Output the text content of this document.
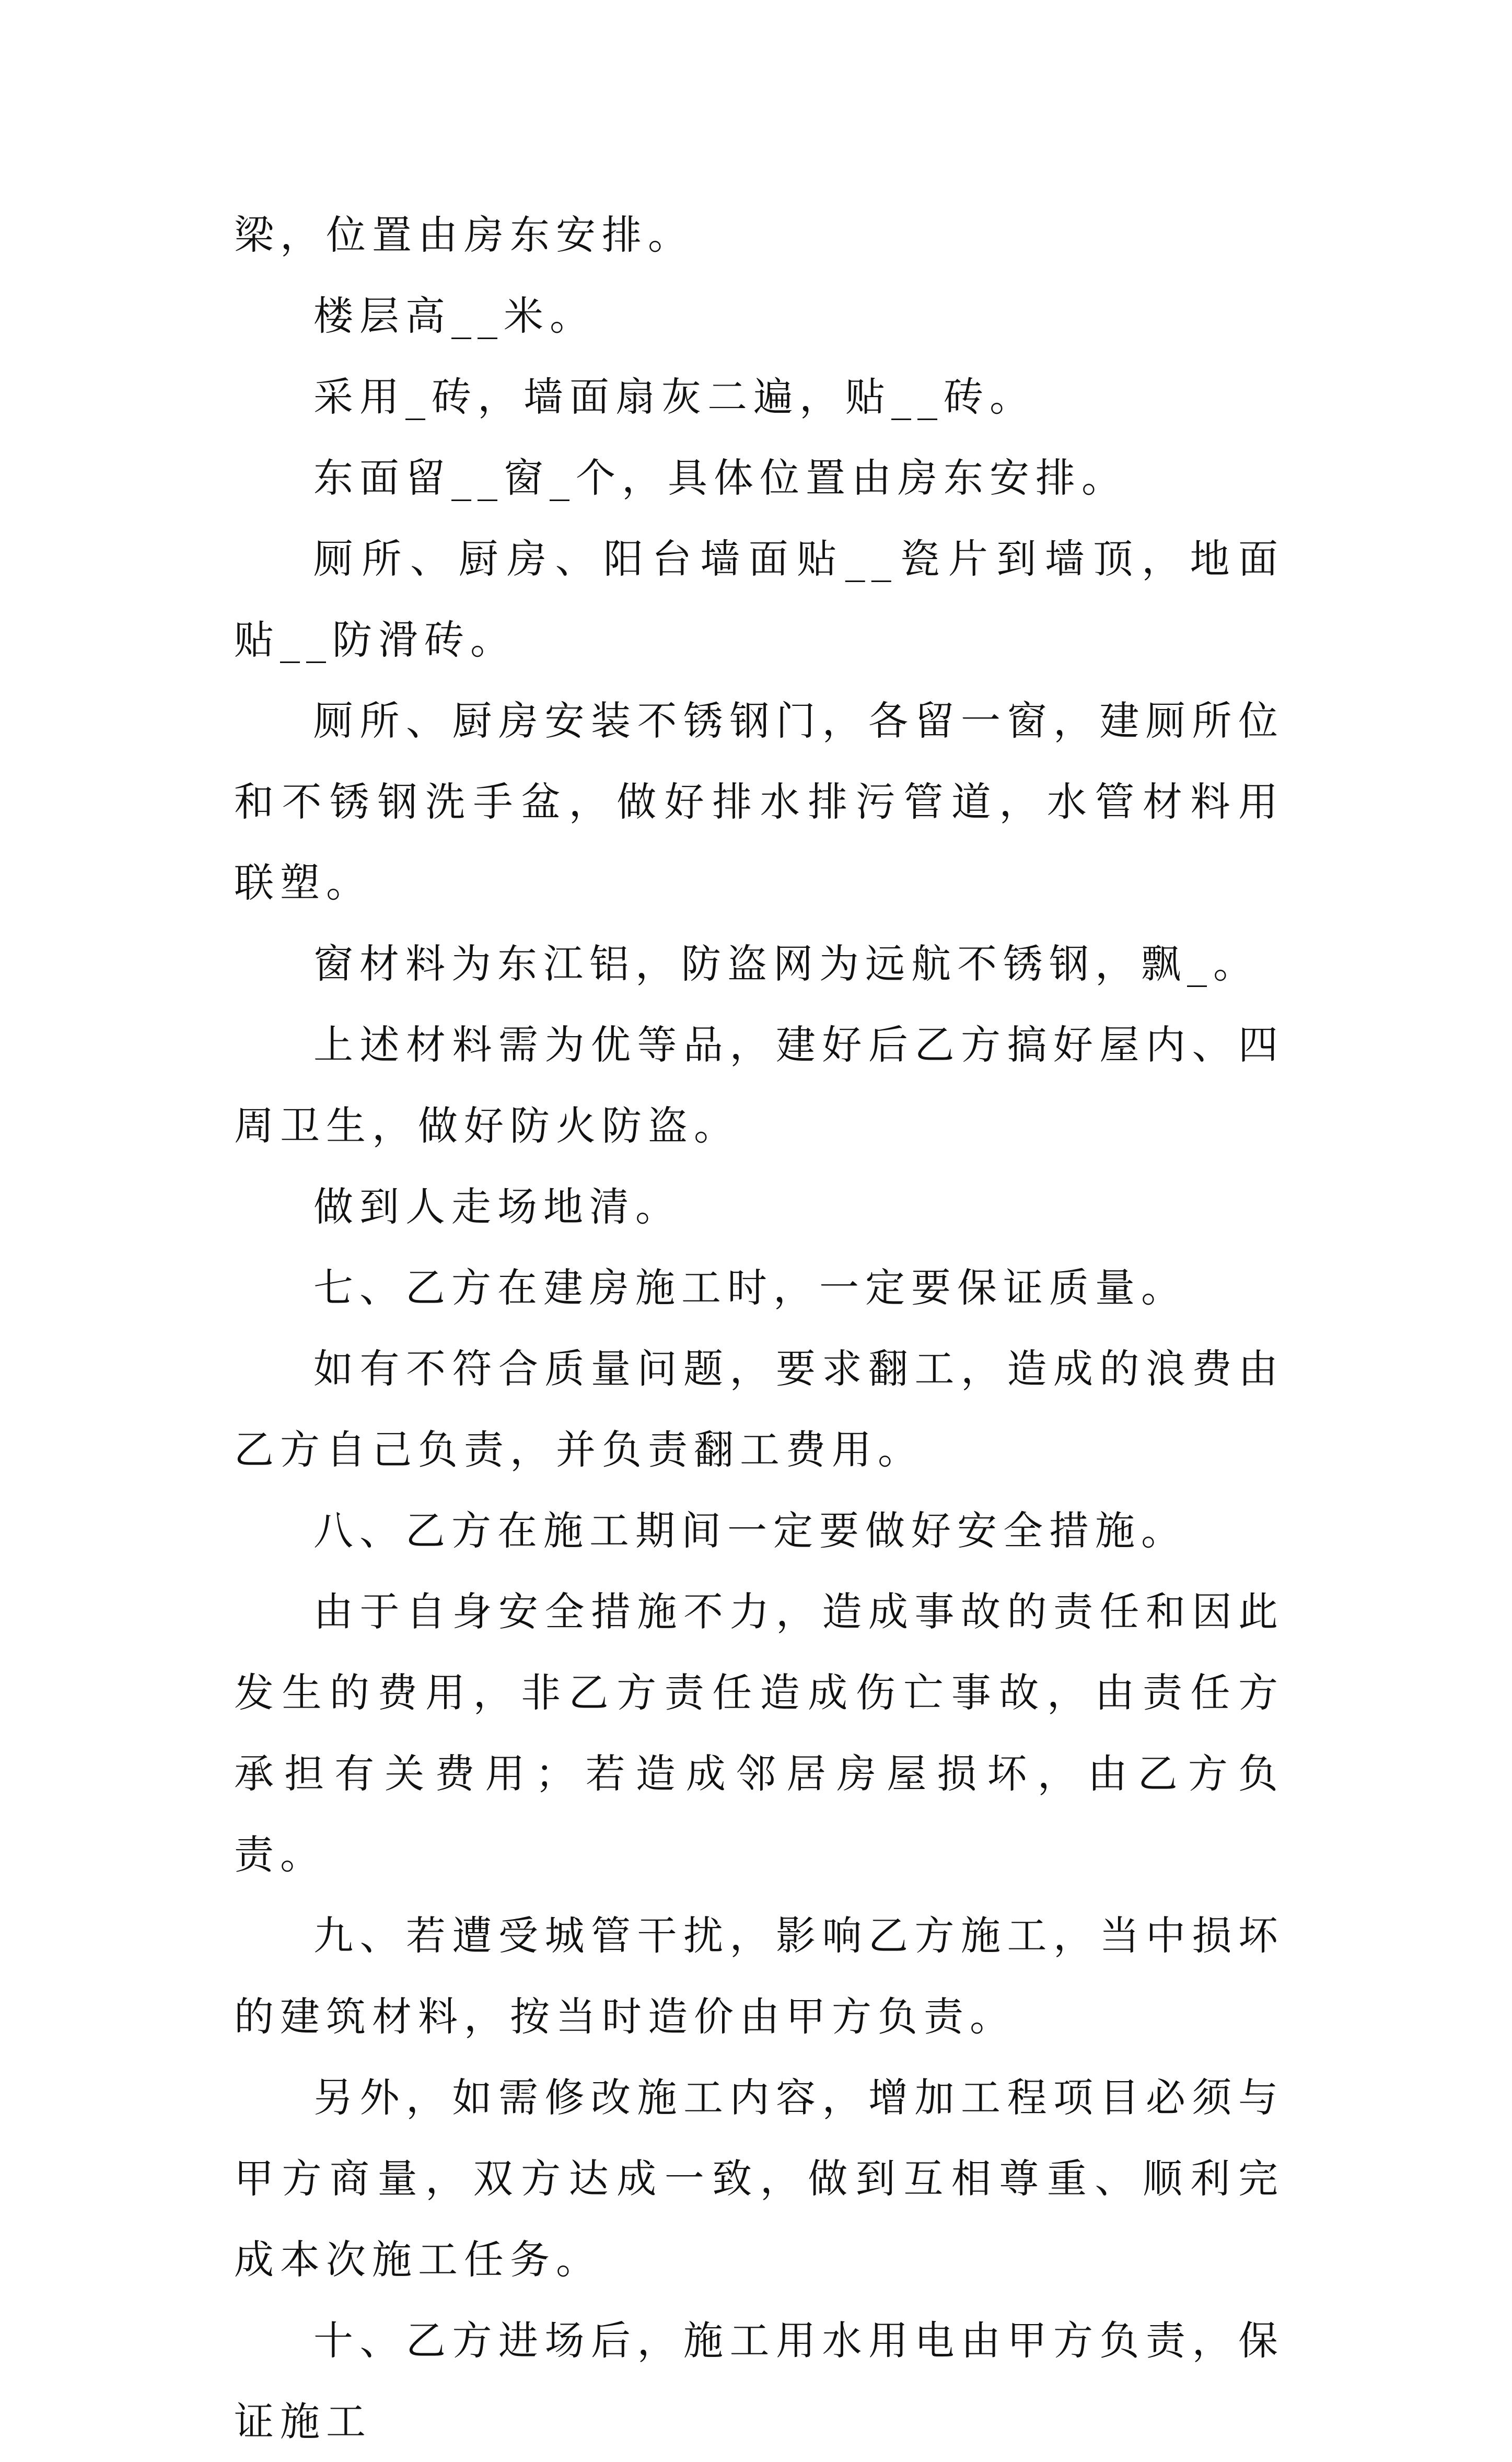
梁，位置由房东安排。

楼层高__米。

采用_砖，墙面扇灰二遍，贴__砖。

东面留__窗_个，具体位置由房东安排。

厕所、厨房、阳台墙面贴__瓷片到墙顶，地面贴__防滑砖。

厕所、厨房安装不锈钢门，各留一窗，建厕所位和不锈钢洗手盆，做好排水排污管道，水管材料用联塑。

窗材料为东江铝，防盗网为远航不锈钢，飘_。

上述材料需为优等品，建好后乙方搞好屋内、四周卫生，做好防火防盗。

做到人走场地清。

七、乙方在建房施工时，一定要保证质量。

如有不符合质量问题，要求翻工，造成的浪费由乙方自己负责，并负责翻工费用。

八、乙方在施工期间一定要做好安全措施。

由于自身安全措施不力，造成事故的责任和因此发生的费用，非乙方责任造成伤亡事故，由责任方承担有关费用；若造成邻居房屋损坏，由乙方负责。

九、若遭受城管干扰，影响乙方施工，当中损坏的建筑材料，按当时造价由甲方负责。

另外，如需修改施工内容，增加工程项目必须与甲方商量，双方达成一致，做到互相尊重、顺利完成本次施工任务。

十、乙方进场后，施工用水用电由甲方负责，保证施工
